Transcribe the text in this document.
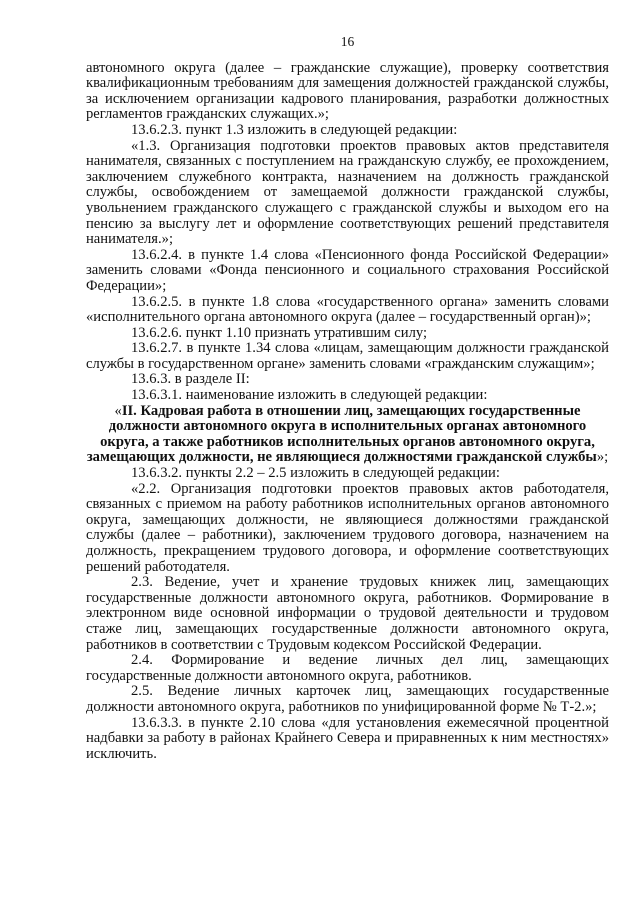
16

автономного округа (далее – гражданские служащие), проверку соответствия квалификационным требованиям для замещения должностей гражданской службы, за исключением организации кадрового планирования, разработки должностных регламентов гражданских служащих.»;

13.6.2.3. пункт 1.3 изложить в следующей редакции:

«1.3. Организация подготовки проектов правовых актов представителя нанимателя, связанных с поступлением на гражданскую службу, ее прохождением, заключением служебного контракта, назначением на должность гражданской службы, освобождением от замещаемой должности гражданской службы, увольнением гражданского служащего с гражданской службы и выходом его на пенсию за выслугу лет и оформление соответствующих решений представителя нанимателя.»;

13.6.2.4. в пункте 1.4 слова «Пенсионного фонда Российской Федерации» заменить словами «Фонда пенсионного и социального страхования Российской Федерации»;

13.6.2.5. в пункте 1.8 слова «государственного органа» заменить словами «исполнительного органа автономного округа (далее – государственный орган)»;

13.6.2.6. пункт 1.10 признать утратившим силу;

13.6.2.7. в пункте 1.34 слова «лицам, замещающим должности гражданской службы в государственном органе» заменить словами «гражданским служащим»;

13.6.3. в разделе II:

13.6.3.1. наименование изложить в следующей редакции:

«II. Кадровая работа в отношении лиц, замещающих государственные должности автономного округа в исполнительных органах автономного округа, а также работников исполнительных органов автономного округа, замещающих должности, не являющиеся должностями гражданской службы»;

13.6.3.2. пункты 2.2 – 2.5 изложить в следующей редакции:

«2.2. Организация подготовки проектов правовых актов работодателя, связанных с приемом на работу работников исполнительных органов автономного округа, замещающих должности, не являющиеся должностями гражданской службы (далее – работники), заключением трудового договора, назначением на должность, прекращением трудового договора, и оформление соответствующих решений работодателя.

2.3. Ведение, учет и хранение трудовых книжек лиц, замещающих государственные должности автономного округа, работников. Формирование в электронном виде основной информации о трудовой деятельности и трудовом стаже лиц, замещающих государственные должности автономного округа, работников в соответствии с Трудовым кодексом Российской Федерации.

2.4. Формирование и ведение личных дел лиц, замещающих государственные должности автономного округа, работников.

2.5. Ведение личных карточек лиц, замещающих государственные должности автономного округа, работников по унифицированной форме № Т-2.»;

13.6.3.3. в пункте 2.10 слова «для установления ежемесячной процентной надбавки за работу в районах Крайнего Севера и приравненных к ним местностях» исключить.
